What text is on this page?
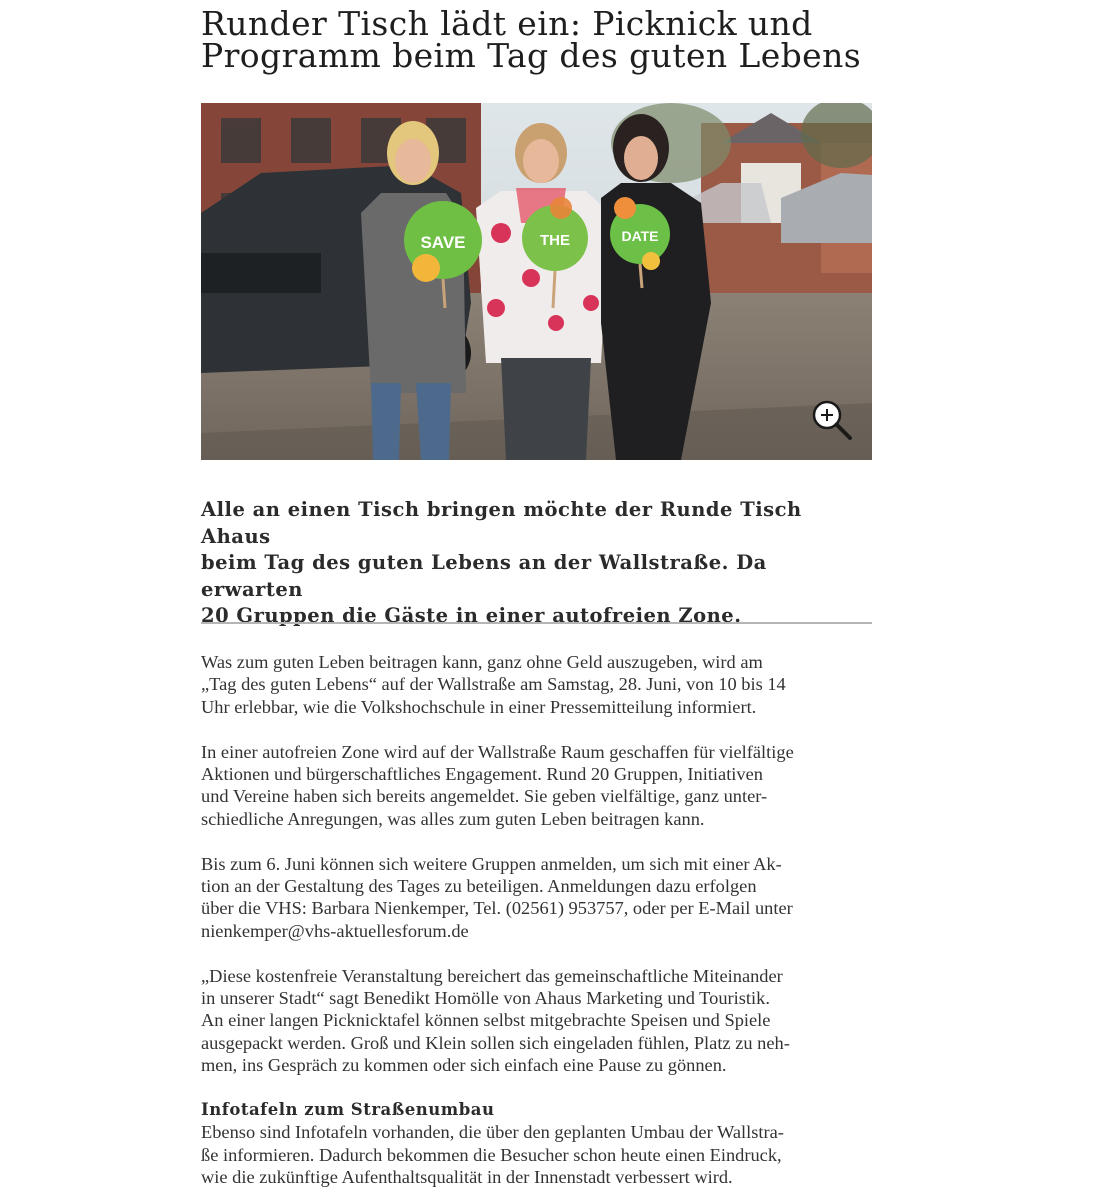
Runder Tisch lädt ein: Picknick und
Programm beim Tag des guten Lebens
SAVE	THE	DATE

Alle an einen Tisch bringen möchte der Runde Tisch Ahaus
beim Tag des guten Lebens an der Wallstraße. Da erwarten
20 Gruppen die Gäste in einer autofreien Zone.

Was zum guten Leben beitragen kann, ganz ohne Geld auszugeben, wird am
„Tag des guten Lebens“ auf der Wallstraße am Samstag, 28. Juni, von 10 bis 14
Uhr erlebbar, wie die Volkshochschule in einer Pressemitteilung informiert.

In einer autofreien Zone wird auf der Wallstraße Raum geschaffen für vielfältige
Aktionen und bürgerschaftliches Engagement. Rund 20 Gruppen, Initiativen
und Vereine haben sich bereits angemeldet. Sie geben vielfältige, ganz unter-
schiedliche Anregungen, was alles zum guten Leben beitragen kann.

Bis zum 6. Juni können sich weitere Gruppen anmelden, um sich mit einer Ak-
tion an der Gestaltung des Tages zu beteiligen. Anmeldungen dazu erfolgen
über die VHS: Barbara Nienkemper, Tel. (02561) 953757, oder per E-Mail unter
nienkemper@vhs-aktuellesforum.de

„Diese kostenfreie Veranstaltung bereichert das gemeinschaftliche Miteinander
in unserer Stadt“ sagt Benedikt Homölle von Ahaus Marketing und Touristik.
An einer langen Picknicktafel können selbst mitgebrachte Speisen und Spiele
ausgepackt werden. Groß und Klein sollen sich eingeladen fühlen, Platz zu neh-
men, ins Gespräch zu kommen oder sich einfach eine Pause zu gönnen.

Infotafeln zum Straßenumbau

Ebenso sind Infotafeln vorhanden, die über den geplanten Umbau der Wallstra-
ße informieren. Dadurch bekommen die Besucher schon heute einen Eindruck,
wie die zukünftige Aufenthaltsqualität in der Innenstadt verbessert wird.
